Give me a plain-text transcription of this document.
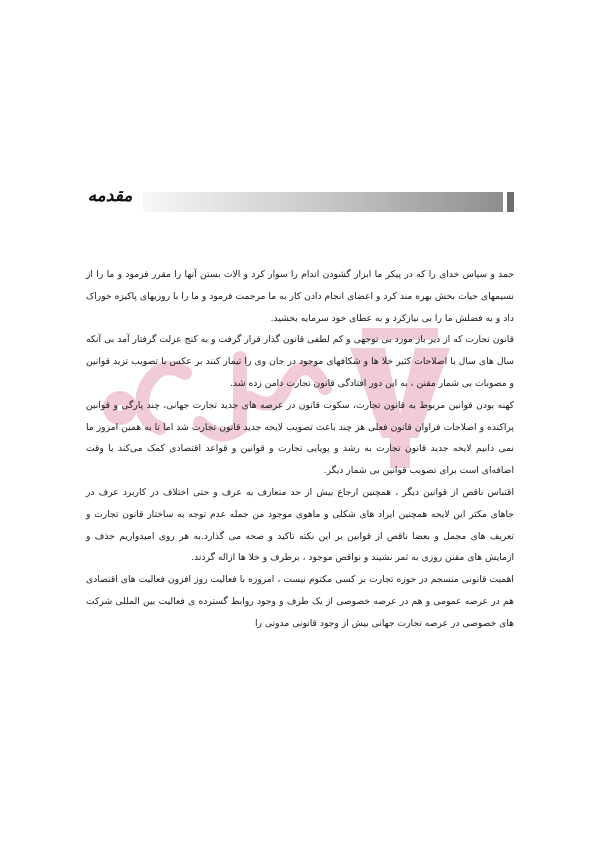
مقدمه

حمد و سپاس خدای را که در پیکر ما ابزار گشودن اندام را سوار کرد و الات بستن آنها را مقرر فرمود و ما را از نسیمهای حیات بخش بهره مند کرد و اعضای انجام دادن کار به ما مرحمت فرمود و ما را با روزیهای پاکیزه خوراک داد و به فضلش ما را بی نیازکرد و به عطای خود سرمایه بخشید.

قانون تجارت که از دیر باز مورد بی توجهی و کم لطفی قانون گذار قرار گرفت و به کنج عزلت گرفتار آمد بی آنکه سال های سال با اصلاحات کثیر خلا ها و شکافهای موجود در جان وی را تیمار کنند بر عکس با تصویب تزید قوانین و مصوبات بی شمار مقنن ، به این دور افتادگی قانون تجارت دامن زده شد.

کهنه بودن قوانین مربوط به قانون تجارت، سکوت قانون در عرصه های جدید تجارت جهانی، چند پارگی و قوانین پراکنده و اصلاحات فراوان قانون فعلی هر چند باعث تصویب لایحه جدید قانون تجارت شد اما تا به همین امروز ما نمی دانیم لایحه جدید قانون تجارت به رشد و پویایی تجارت و قوانین و قواعد اقتصادی کمک می‌کند یا وقت اضافه‌ای است برای تصویب قوانین بی شمار دیگر.

اقتباس ناقص از قوانین دیگر ، همچنین ارجاع بیش از حد متعارف به عرف و حتی اختلاف در کاربرد عرف در جاهای مکثر این لایحه همچنین ایراد های شکلی و ماهوی موجود من جمله عدم توجه به ساختار قانون تجارت و تعریف های مجمل و بعضا ناقص از قوانین بر این نکته تاکید و صحه می گذارد.به هر روی امیدواریم حذف و ازمایش های مقنن روزی به ثمر نشیند و نواقص موجود ، برطرف و خلا ها ازاله گردند.

اهمیت قانونی منسجم در حوزه تجارت بر کسی مکتوم نیست ، امروزه با فعالیت روز افزون فعالیت های اقتصادی هم در عرصه عمومی و هم در عرصه خصوصی از یک طرف و وجود روابط گسترده ی فعالیت بین المللی شرکت های خصوصی در عرصه تجارت جهانی بیش از وجود قانونی مدونی را
